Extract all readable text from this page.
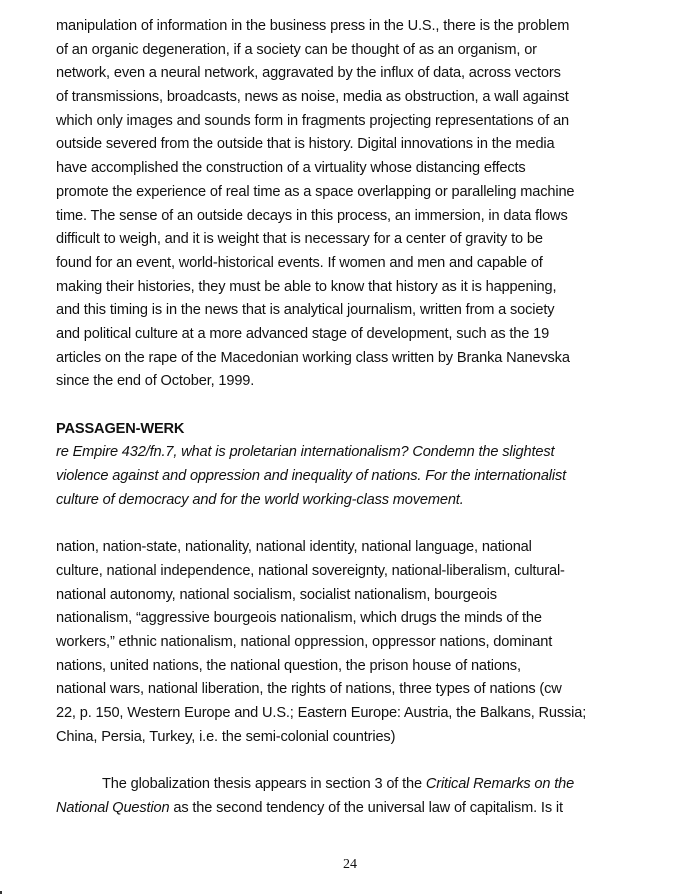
manipulation of information in the business press in the U.S., there is the problem
of an organic degeneration, if a society can be thought of as an organism, or
network, even a neural network, aggravated by the influx of data, across vectors
of transmissions, broadcasts, news as noise, media as obstruction, a wall against
which only images and sounds form in fragments projecting representations of an
outside severed from the outside that is history. Digital innovations in the media
have accomplished the construction of a virtuality whose distancing effects
promote the experience of real time as a space overlapping or paralleling machine
time. The sense of an outside decays in this process, an immersion, in data flows
difficult to weigh, and it is weight that is necessary for a center of gravity to be
found for an event, world-historical events. If women and men and capable of
making their histories, they must be able to know that history as it is happening,
and this timing is in the news that is analytical journalism, written from a society
and political culture at a more advanced stage of development, such as the 19
articles on the rape of the Macedonian working class written by Branka Nanevska
since the end of October, 1999.
PASSAGEN-WERK
re Empire 432/fn.7, what is proletarian internationalism? Condemn the slightest
violence against and oppression and inequality of nations. For the internationalist
culture of democracy and for the world working-class movement.
nation, nation-state, nationality, national identity, national language, national
culture, national independence, national sovereignty, national-liberalism, cultural-
national autonomy, national socialism, socialist nationalism, bourgeois
nationalism, “aggressive bourgeois nationalism, which drugs the minds of the
workers,” ethnic nationalism, national oppression, oppressor nations, dominant
nations, united nations, the national question, the prison house of nations,
national wars, national liberation, the rights of nations, three types of nations (cw
22, p. 150, Western Europe and U.S.; Eastern Europe: Austria, the Balkans, Russia;
China, Persia, Turkey, i.e. the semi-colonial countries)
The globalization thesis appears in section 3 of the Critical Remarks on the
National Question as the second tendency of the universal law of capitalism. Is it
24
